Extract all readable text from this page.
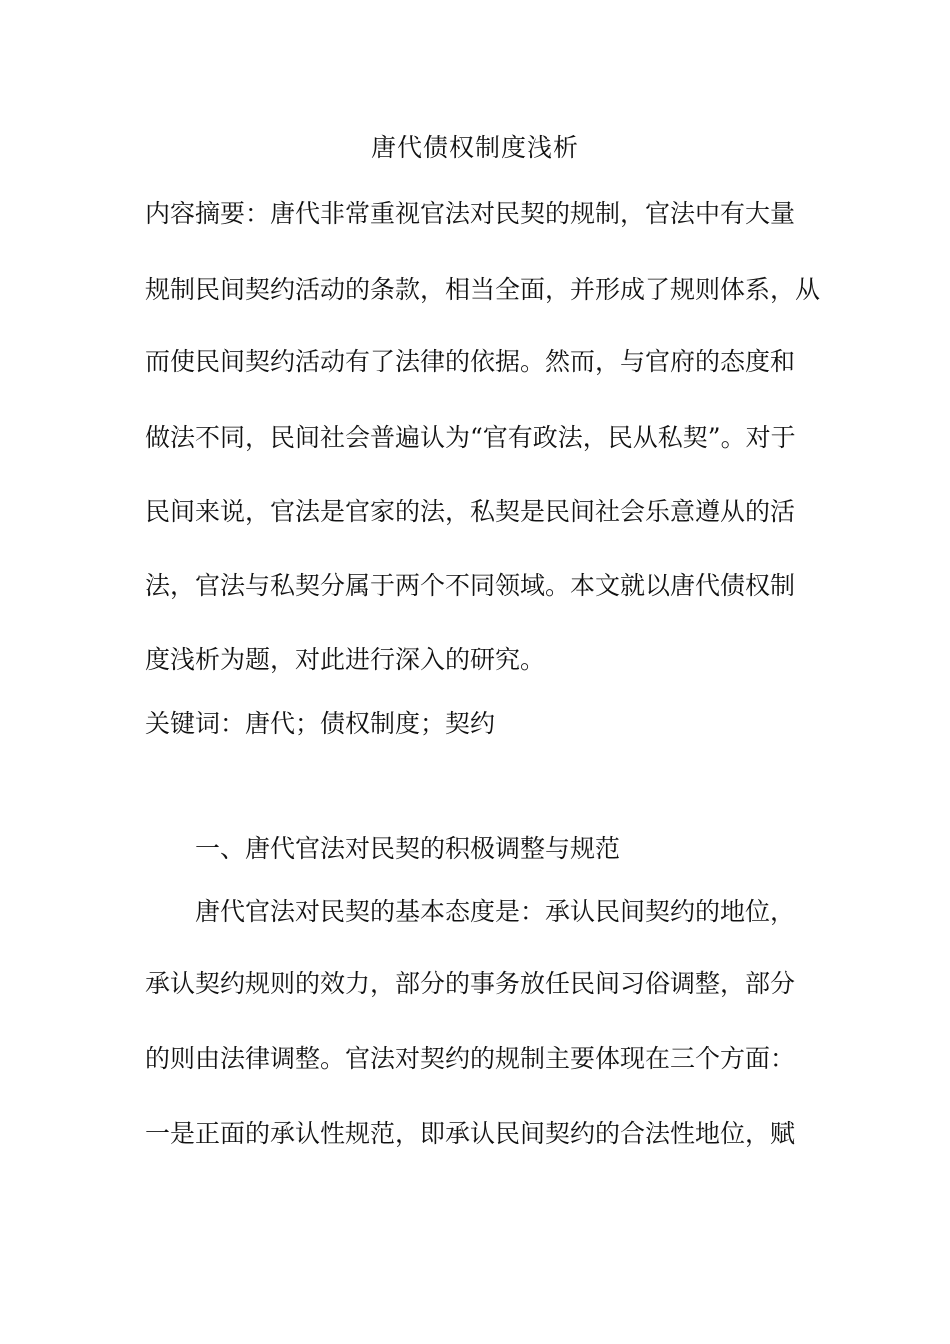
唐代债权制度浅析
内容摘要：唐代非常重视官法对民契的规制，官法中有大量
规制民间契约活动的条款，相当全面，并形成了规则体系，从
而使民间契约活动有了法律的依据。然而，与官府的态度和
做法不同，民间社会普遍认为“官有政法，民从私契”。对于
民间来说，官法是官家的法，私契是民间社会乐意遵从的活
法，官法与私契分属于两个不同领域。本文就以唐代债权制
度浅析为题，对此进行深入的研究。
关键词：唐代；债权制度；契约
一、唐代官法对民契的积极调整与规范
唐代官法对民契的基本态度是：承认民间契约的地位，
承认契约规则的效力，部分的事务放任民间习俗调整，部分
的则由法律调整。官法对契约的规制主要体现在三个方面：
一是正面的承认性规范，即承认民间契约的合法性地位，赋
